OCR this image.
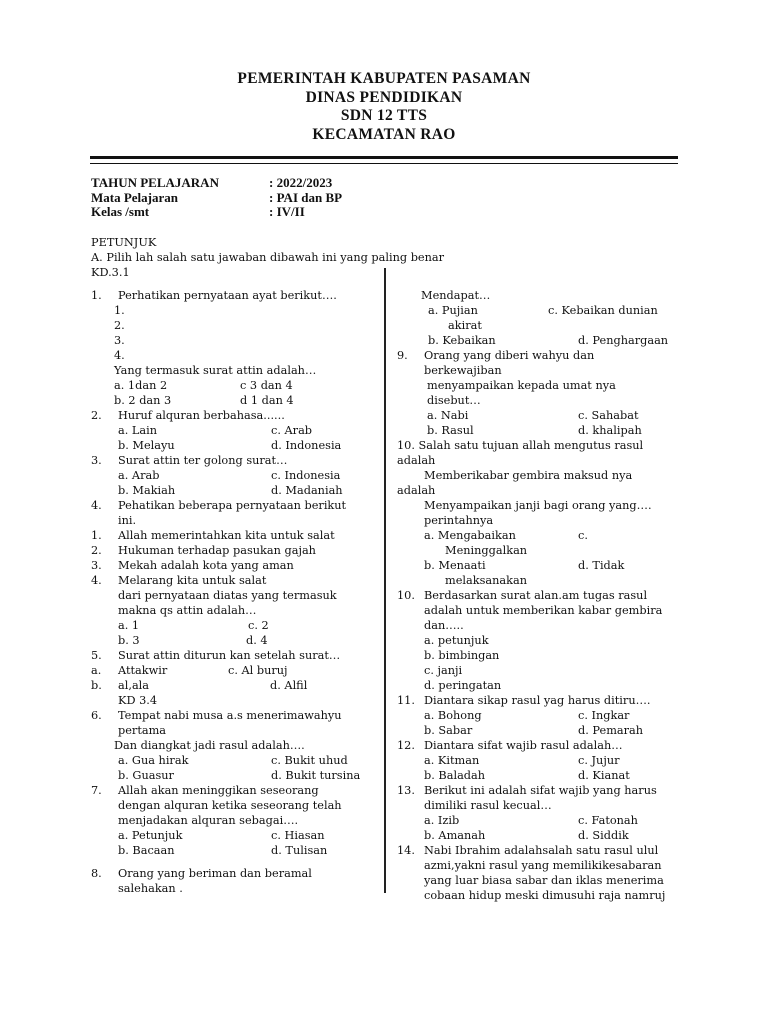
PEMERINTAH KABUPATEN PASAMAN
DINAS PENDIDIKAN
SDN 12 TTS
KECAMATAN RAO
TAHUN PELAJARAN	: 2022/2023
Mata Pelajaran	: PAI dan BP
Kelas /smt	: IV/II
PETUNJUK
A. Pilih lah salah satu jawaban dibawah ini yang paling benar
KD.3.1
1. Perhatikan pernyataan ayat berikut….
1.
2.
3.
4.
Yang termasuk surat attin adalah…
a. 1dan 2	c 3 dan 4
b. 2 dan 3	d 1 dan 4
2. Huruf alquran berbahasa......
a. Lain	c. Arab
b. Melayu	d. Indonesia
3. Surat attin ter golong surat…
a. Arab	c. Indonesia
b. Makiah	d. Madaniah
4. Pehatikan beberapa pernyataan berikut
ini.
1. Allah memerintahkan kita untuk salat
2. Hukuman terhadap pasukan gajah
3. Mekah adalah kota yang aman
4. Melarang kita untuk salat
dari pernyataan diatas yang termasuk
makna qs attin adalah…
a. 1	c. 2
b. 3	d. 4
5. Surat attin diturun kan setelah surat…
a. Attakwir	c. Al buruj
b. al,ala	d. Alfil
KD 3.4
6. Tempat nabi musa a.s menerimawahyu
pertama
Dan diangkat jadi rasul adalah….
a. Gua hirak	c. Bukit uhud
b. Guasur	d. Bukit tursina
7. Allah akan meninggikan seseorang
dengan alquran ketika seseorang telah
menjadakan alquran sebagai….
a. Petunjuk	c. Hiasan
b. Bacaan	d. Tulisan
8. Orang yang beriman dan beramal
salehakan .
Mendapat…
a. Pujian	c. Kebaikan dunian
akirat
b. Kebaikan	d. Penghargaan
9. Orang yang diberi wahyu dan
berkewajiban
menyampaikan kepada umat nya
disebut…
a. Nabi	c. Sahabat
b. Rasul	d. khalipah
10. Salah satu tujuan allah mengutus rasul
adalah
Memberikabar gembira maksud nya
adalah
Menyampaikan janji bagi orang yang….
perintahnya
a. Mengabaikan	c.
Meninggalkan
b. Menaati	d. Tidak
melaksanakan
10. Berdasarkan surat alan.am tugas rasul
adalah untuk memberikan kabar gembira
dan…..
a. petunjuk
b. bimbingan
c. janji
d. peringatan
11. Diantara sikap rasul yag harus ditiru….
a. Bohong	c. Ingkar
b. Sabar	d. Pemarah
12. Diantara sifat wajib rasul adalah…
a. Kitman	c. Jujur
b. Baladah	d. Kianat
13. Berikut ini adalah sifat wajib yang harus
dimiliki rasul kecual…
a. Izib	c. Fatonah
b. Amanah	d. Siddik
14. Nabi Ibrahim adalahsalah satu rasul ulul
azmi,yakni rasul yang memilikikesabaran
yang luar biasa sabar dan iklas menerima
cobaan hidup meski dimusuhi raja namruj
